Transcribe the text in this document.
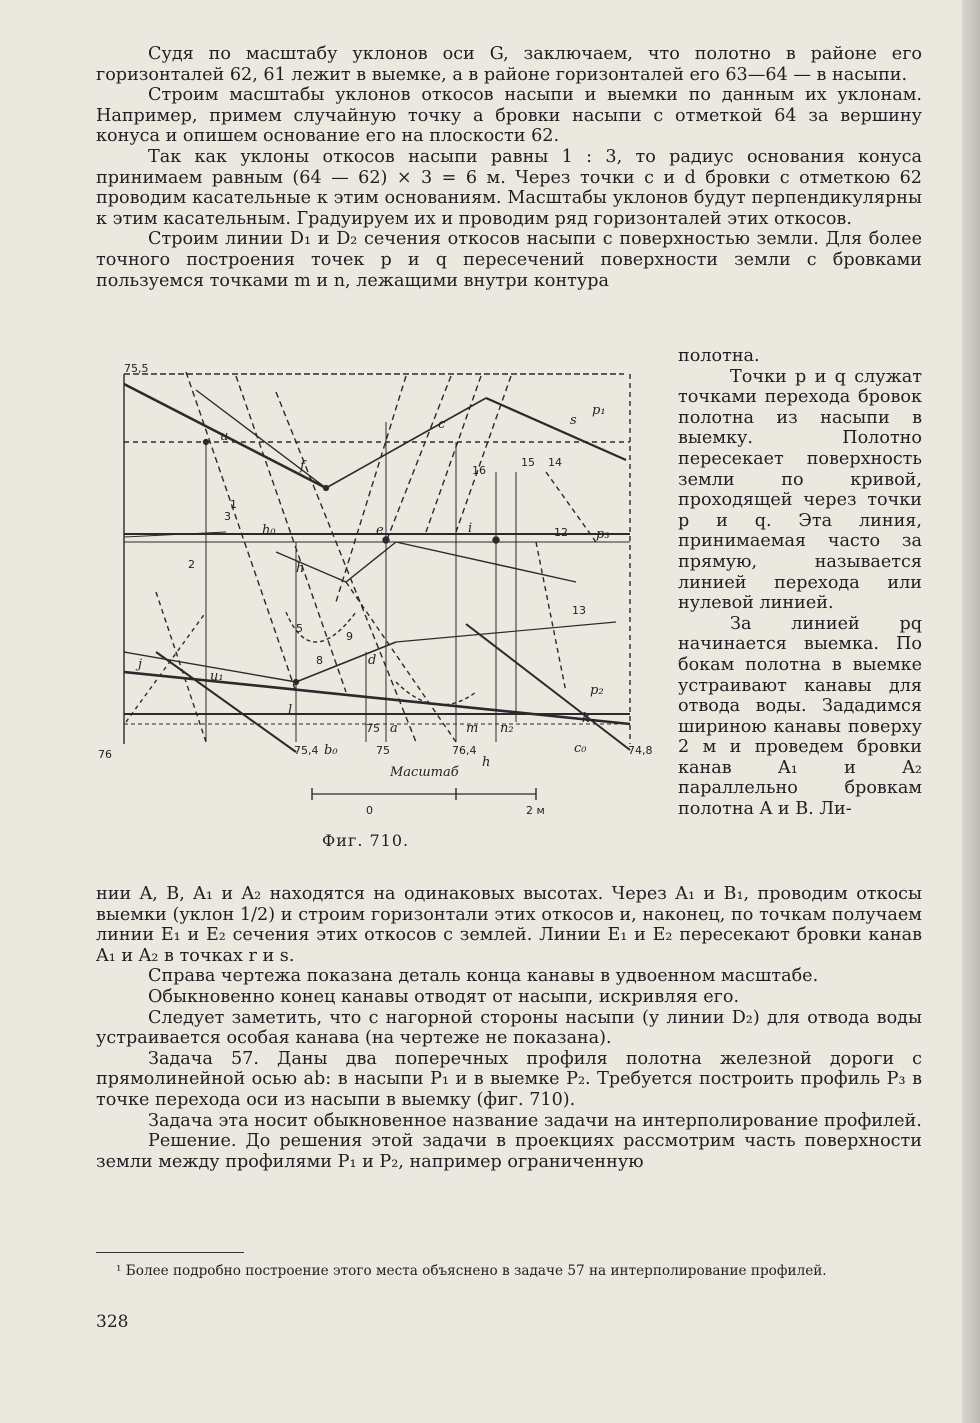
Судя по масштабу уклонов оси G, заключаем, что полотно в районе его горизонталей 62, 61 лежит в выемке, а в районе горизонталей его 63—64 — в насыпи.

Строим масштабы уклонов откосов насыпи и выемки по данным их уклонам. Например, примем случайную точку a бровки насыпи с отметкой 64 за вершину конуса и опишем основание его на плоскости 62.

Так как уклоны откосов насыпи равны 1 : 3, то радиус основания конуса принимаем равным (64 — 62) × 3 = 6 м. Через точки c и d бровки с отметкою 62 проводим касательные к этим основаниям. Масштабы уклонов будут перпендикулярны к этим касательным. Градуируем их и проводим ряд горизонталей этих откосов.

Строим линии D₁ и D₂ сечения откосов насыпи с поверхностью земли. Для более точного построения точек p и q пересечений поверхности земли с бровками пользуемся точками m и n, лежащими внутри контура

75,5
76	74,8
75,4	75	76,4
75
15
16
12
13
14
1
2
3
5
8
9
u
f
c	s
p₁
h
h₀	e	i	p₃
d
l
a
b₀
m n₂
k
p₂
c₀
j
u₁
h
Масштаб
0	2 м
Фиг. 710.

полотна.

Точки p и q служат точками перехода бровок полотна из насыпи в выемку. Полотно пересекает поверхность земли по кривой, проходящей через точки p и q. Эта линия, принимаемая часто за прямую, называется линией перехода или нулевой линией.

За линией pq начинается выемка. По бокам полотна в выемке устраивают канавы для отвода воды. Зададимся шириною канавы поверху 2 м и проведем бровки канав A₁ и A₂ параллельно бровкам полотна A и B. Ли-

нии A, B, A₁ и A₂ находятся на одинаковых высотах. Через A₁ и B₁, проводим откосы выемки (уклон 1/2) и строим горизонтали этих откосов и, наконец, по точкам получаем линии E₁ и E₂ сечения этих откосов с землей. Линии E₁ и E₂ пересекают бровки канав A₁ и A₂ в точках r и s.

Справа чертежа показана деталь конца канавы в удвоенном масштабе.

Обыкновенно конец канавы отводят от насыпи, искривляя его.

Следует заметить, что с нагорной стороны насыпи (у линии D₂) для отвода воды устраивается особая канава (на чертеже не показана).

Задача 57. Даны два поперечных профиля полотна железной дороги с прямолинейной осью ab: в насыпи P₁ и в выемке P₂. Требуется построить профиль P₃ в точке перехода оси из насыпи в выемку (фиг. 710).

Задача эта носит обыкновенное название задачи на интерполирование профилей.

Решение. До решения этой задачи в проекциях рассмотрим часть поверхности земли между профилями P₁ и P₂, например ограниченную

¹ Более подробно построение этого места объяснено в задаче 57 на интерполирование профилей.
328
